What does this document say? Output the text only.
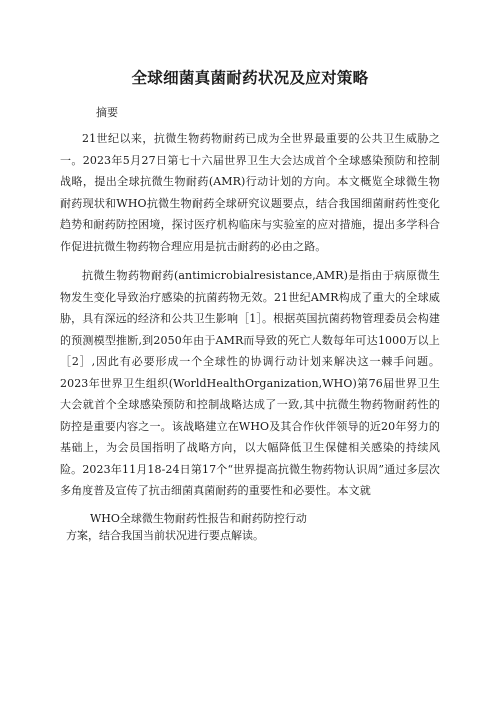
全球细菌真菌耐药状况及应对策略
摘要

21世纪以来，抗微生物药物耐药已成为全世界最重要的公共卫生威胁之一。2023年5月27日第七十六届世界卫生大会达成首个全球感染预防和控制战略，提出全球抗微生物耐药(AMR)行动计划的方向。本文概览全球微生物耐药现状和WHO抗微生物耐药全球研究议题要点，结合我国细菌耐药性变化趋势和耐药防控困境，探讨医疗机构临床与实验室的应对措施，提出多学科合作促进抗微生物药物合理应用是抗击耐药的必由之路。

抗微生物药物耐药(antimicrobialresistance,AMR)是指由于病原微生物发生变化导致治疗感染的抗菌药物无效。21世纪AMR构成了重大的全球威胁，具有深远的经济和公共卫生影响［1］。根据英国抗菌药物管理委员会构建的预测模型推断,到2050年由于AMR而导致的死亡人数每年可达1000万以上［2］,因此有必要形成一个全球性的协调行动计划来解决这一棘手问题。2023年世界卫生组织(WorldHealthOrganization,WHO)第76届世界卫生大会就首个全球感染预防和控制战略达成了一致,其中抗微生物药物耐药性的防控是重要内容之一。该战略建立在WHO及其合作伙伴领导的近20年努力的基础上，为会员国指明了战略方向，以大幅降低卫生保健相关感染的持续风险。2023年11月18-24日第17个“世界提高抗微生物药物认识周”通过多层次多角度普及宣传了抗击细菌真菌耐药的重要性和必要性。本文就

WHO全球微生物耐药性报告和耐药防控行动

方案，结合我国当前状况进行要点解读。
